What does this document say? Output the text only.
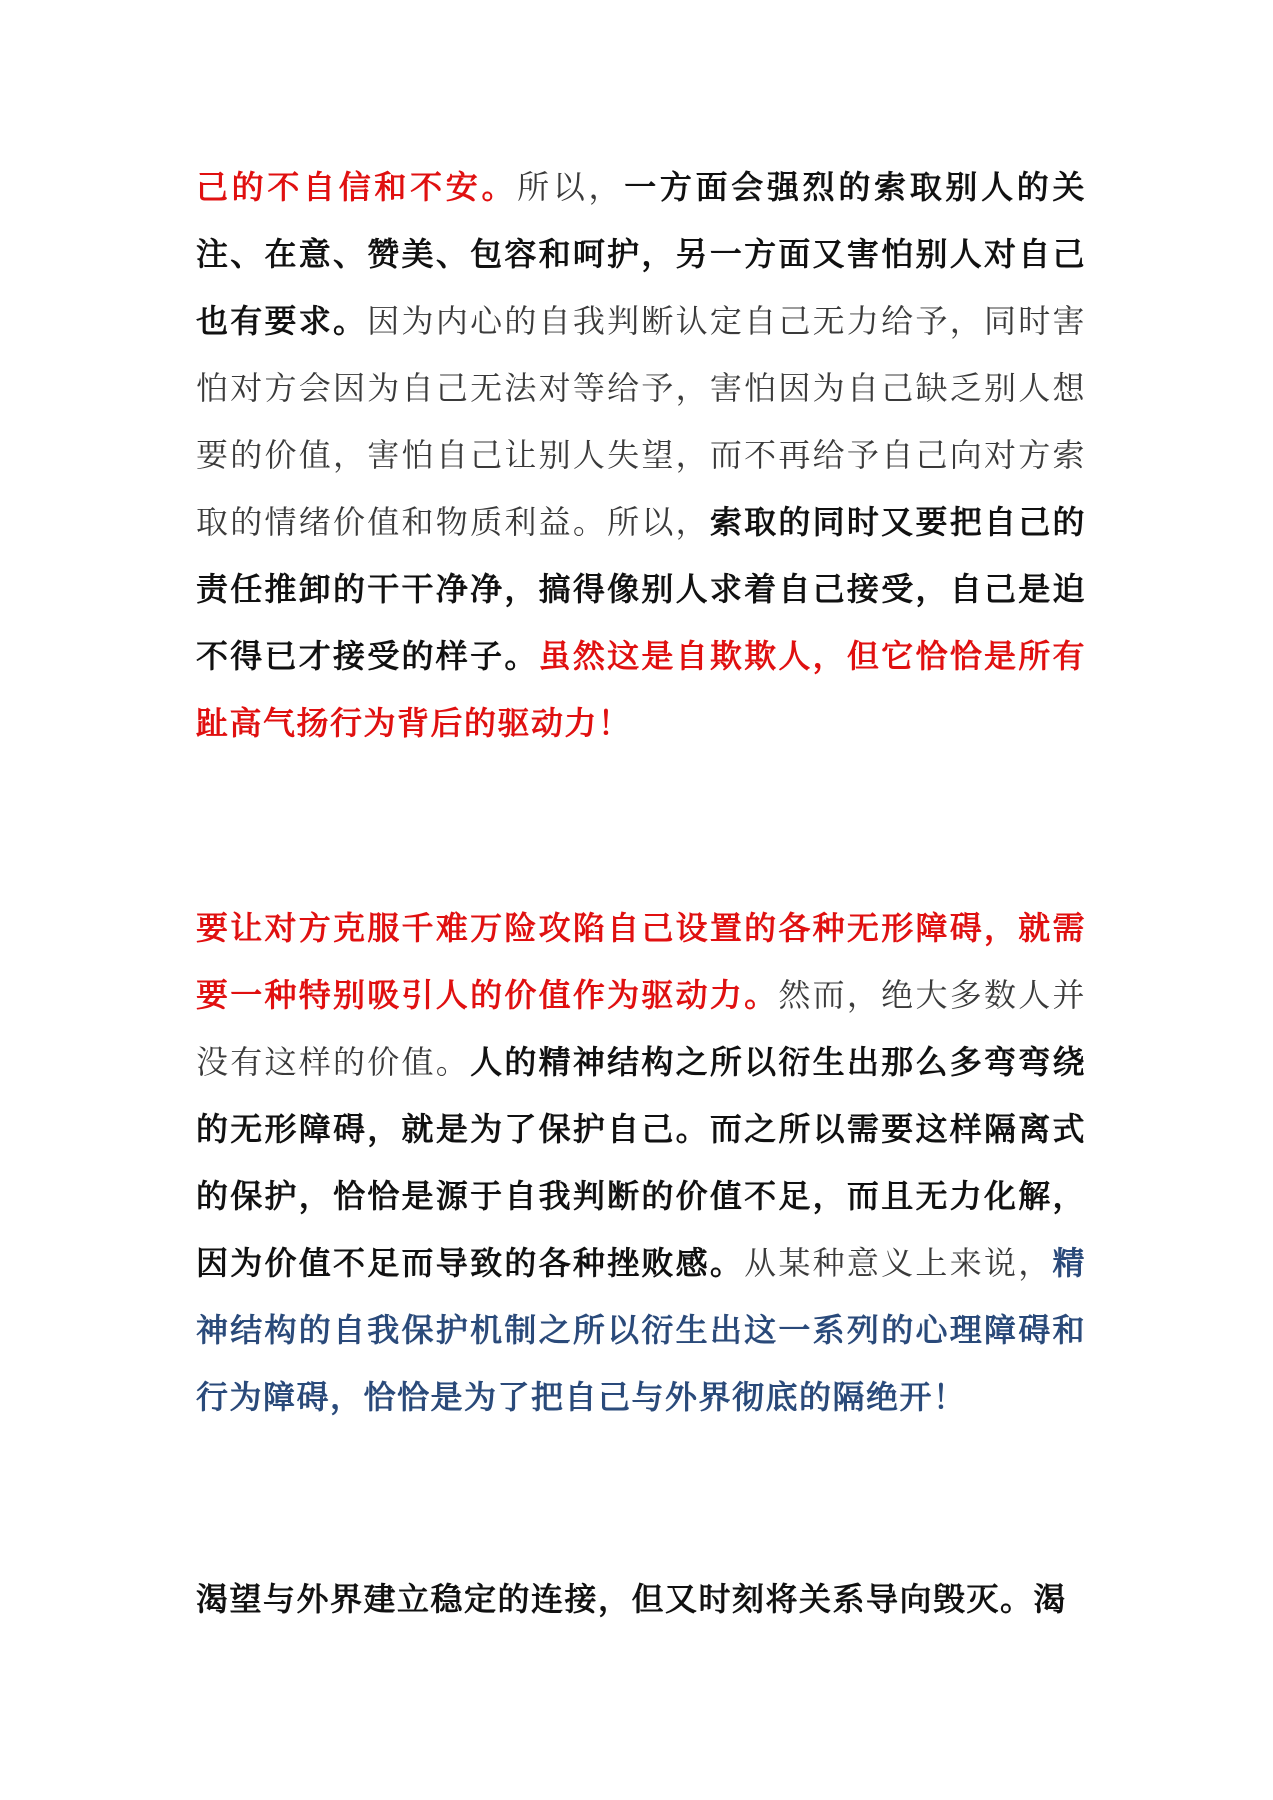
己的不自信和不安。所以，一方面会强烈的索取别人的关注、在意、赞美、包容和呵护，另一方面又害怕别人对自己也有要求。因为内心的自我判断认定自己无力给予，同时害怕对方会因为自己无法对等给予，害怕因为自己缺乏别人想要的价值，害怕自己让别人失望，而不再给予自己向对方索取的情绪价值和物质利益。所以，索取的同时又要把自己的责任推卸的干干净净，搞得像别人求着自己接受，自己是迫不得已才接受的样子。虽然这是自欺欺人，但它恰恰是所有趾高气扬行为背后的驱动力！

要让对方克服千难万险攻陷自己设置的各种无形障碍，就需要一种特别吸引人的价值作为驱动力。然而，绝大多数人并没有这样的价值。人的精神结构之所以衍生出那么多弯弯绕的无形障碍，就是为了保护自己。而之所以需要这样隔离式的保护，恰恰是源于自我判断的价值不足，而且无力化解，因为价值不足而导致的各种挫败感。从某种意义上来说，精神结构的自我保护机制之所以衍生出这一系列的心理障碍和行为障碍，恰恰是为了把自己与外界彻底的隔绝开！

渴望与外界建立稳定的连接，但又时刻将关系导向毁灭。渴
